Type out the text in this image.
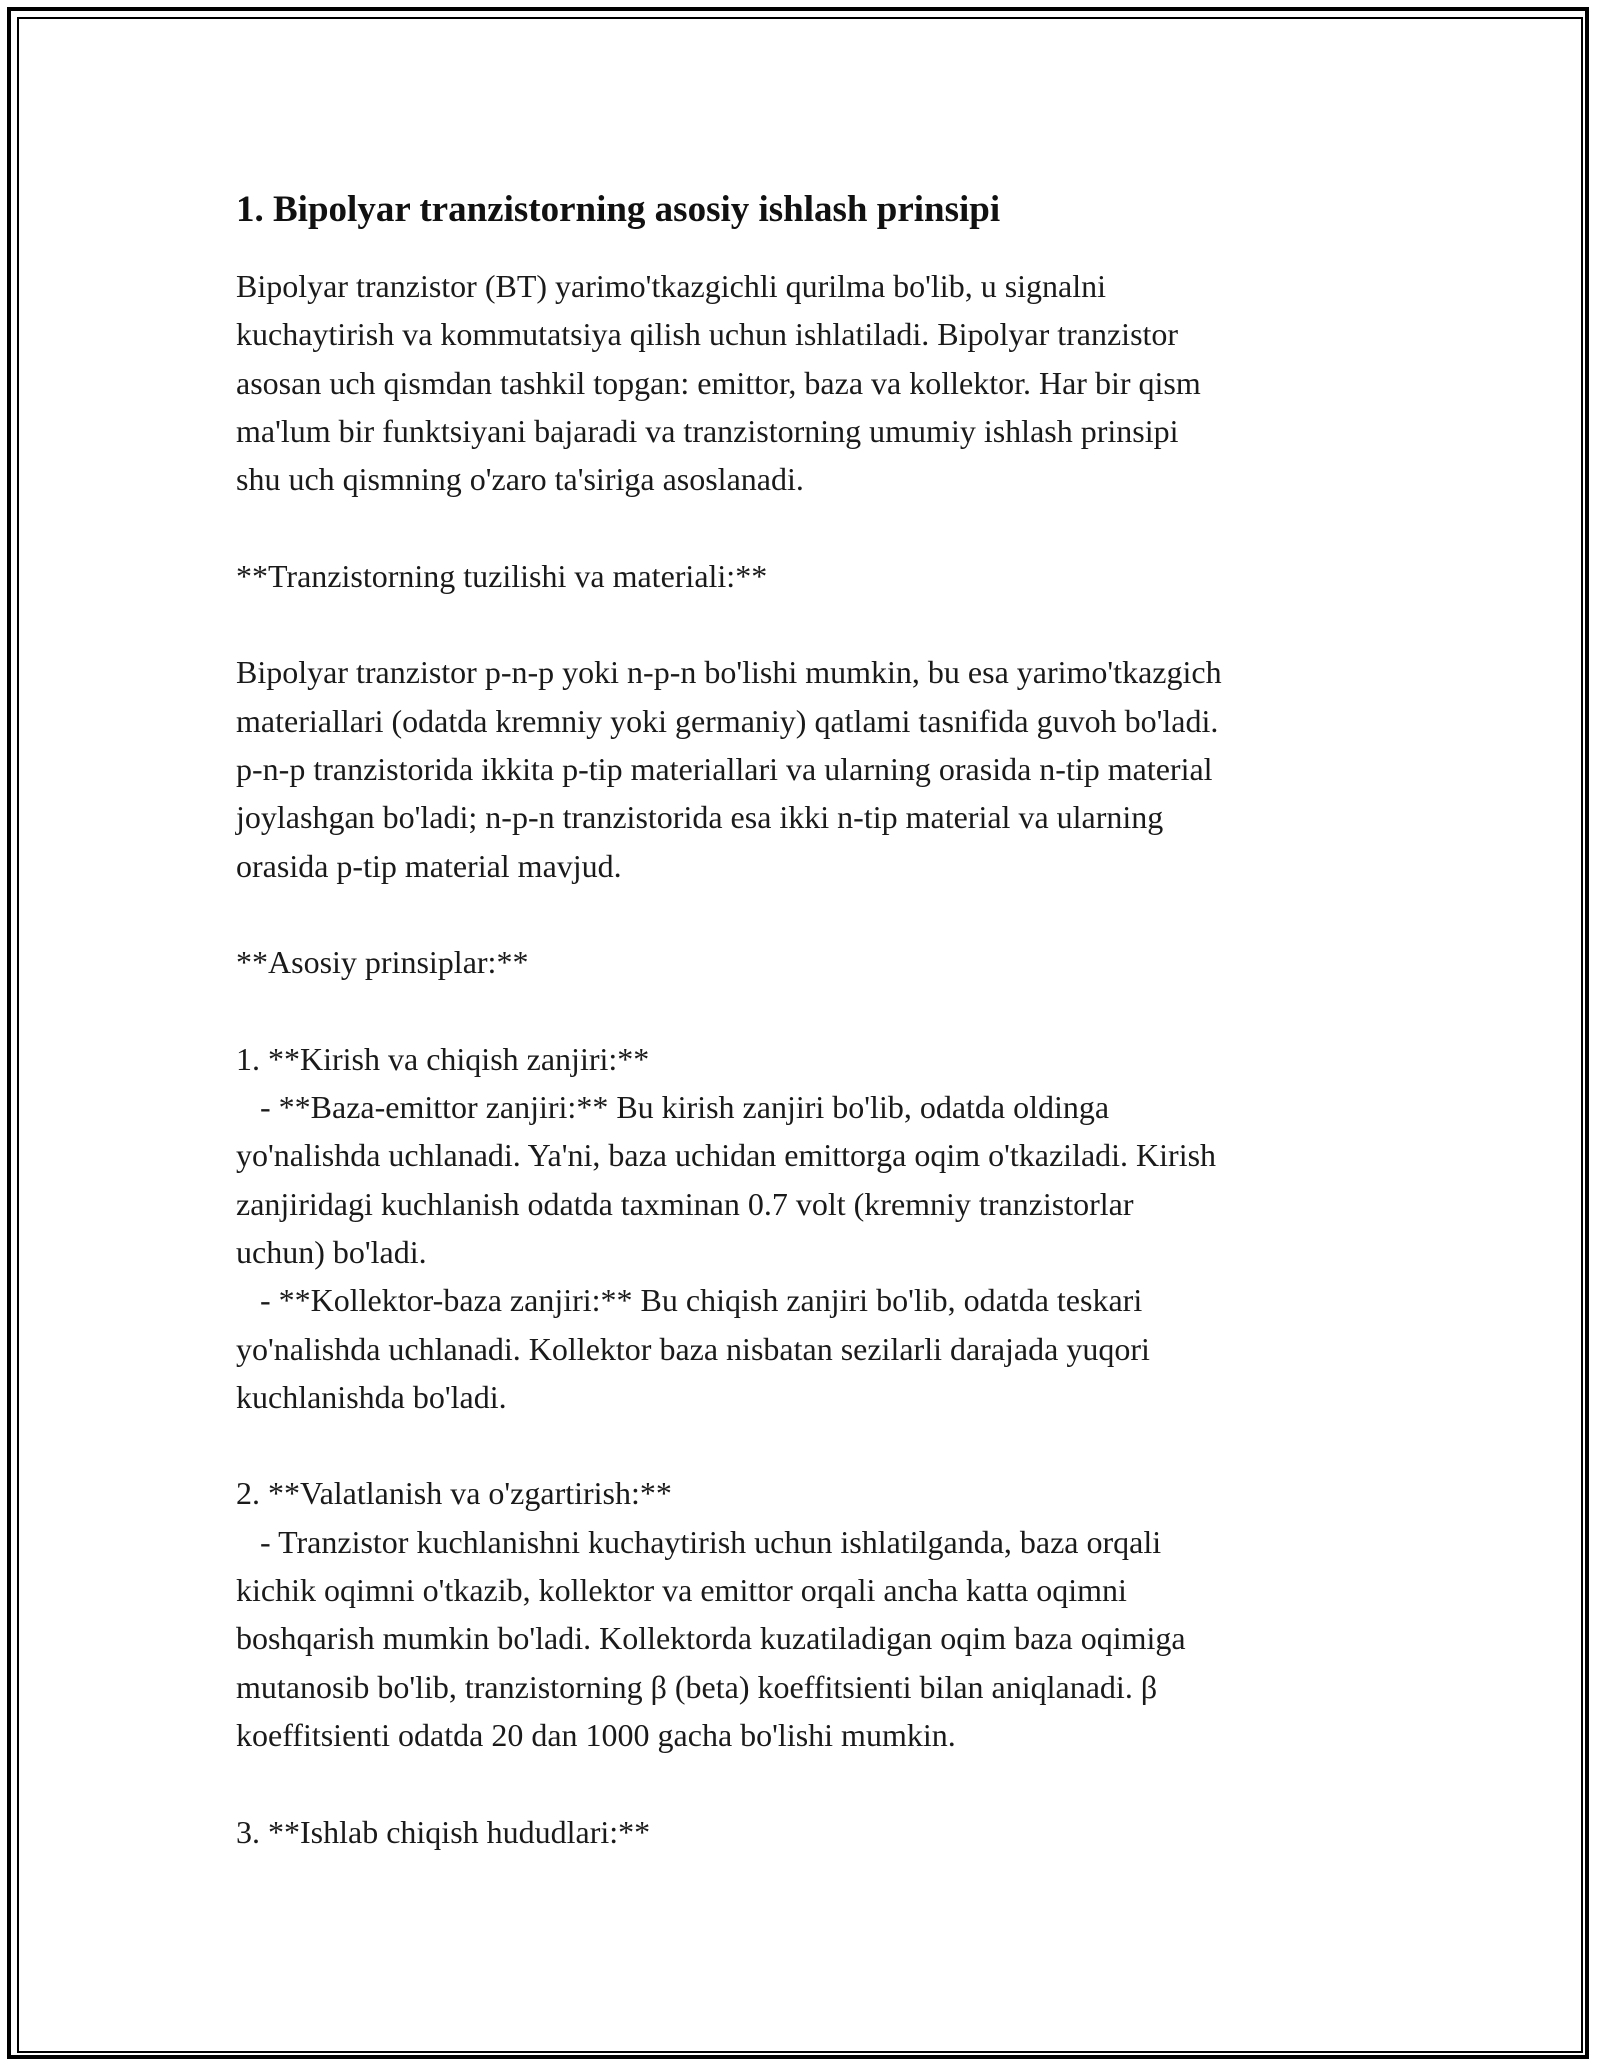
1. Bipolyar tranzistorning asosiy ishlash prinsipi

Bipolyar tranzistor (BT) yarimo'tkazgichli qurilma bo'lib, u signalni
kuchaytirish va kommutatsiya qilish uchun ishlatiladi. Bipolyar tranzistor
asosan uch qismdan tashkil topgan: emittor, baza va kollektor. Har bir qism
ma'lum bir funktsiyani bajaradi va tranzistorning umumiy ishlash prinsipi
shu uch qismning o'zaro ta'siriga asoslanadi.

**Tranzistorning tuzilishi va materiali:**

Bipolyar tranzistor p-n-p yoki n-p-n bo'lishi mumkin, bu esa yarimo'tkazgich
materiallari (odatda kremniy yoki germaniy) qatlami tasnifida guvoh bo'ladi.
p-n-p tranzistorida ikkita p-tip materiallari va ularning orasida n-tip material
joylashgan bo'ladi; n-p-n tranzistorida esa ikki n-tip material va ularning
orasida p-tip material mavjud.

**Asosiy prinsiplar:**

1. **Kirish va chiqish zanjiri:**
- **Baza-emittor zanjiri:** Bu kirish zanjiri bo'lib, odatda oldinga
yo'nalishda uchlanadi. Ya'ni, baza uchidan emittorga oqim o'tkaziladi. Kirish
zanjiridagi kuchlanish odatda taxminan 0.7 volt (kremniy tranzistorlar
uchun) bo'ladi.
- **Kollektor-baza zanjiri:** Bu chiqish zanjiri bo'lib, odatda teskari
yo'nalishda uchlanadi. Kollektor baza nisbatan sezilarli darajada yuqori
kuchlanishda bo'ladi.

2. **Valatlanish va o'zgartirish:**
- Tranzistor kuchlanishni kuchaytirish uchun ishlatilganda, baza orqali
kichik oqimni o'tkazib, kollektor va emittor orqali ancha katta oqimni
boshqarish mumkin bo'ladi. Kollektorda kuzatiladigan oqim baza oqimiga
mutanosib bo'lib, tranzistorning β (beta) koeffitsienti bilan aniqlanadi. β
koeffitsienti odatda 20 dan 1000 gacha bo'lishi mumkin.

3. **Ishlab chiqish hududlari:**
